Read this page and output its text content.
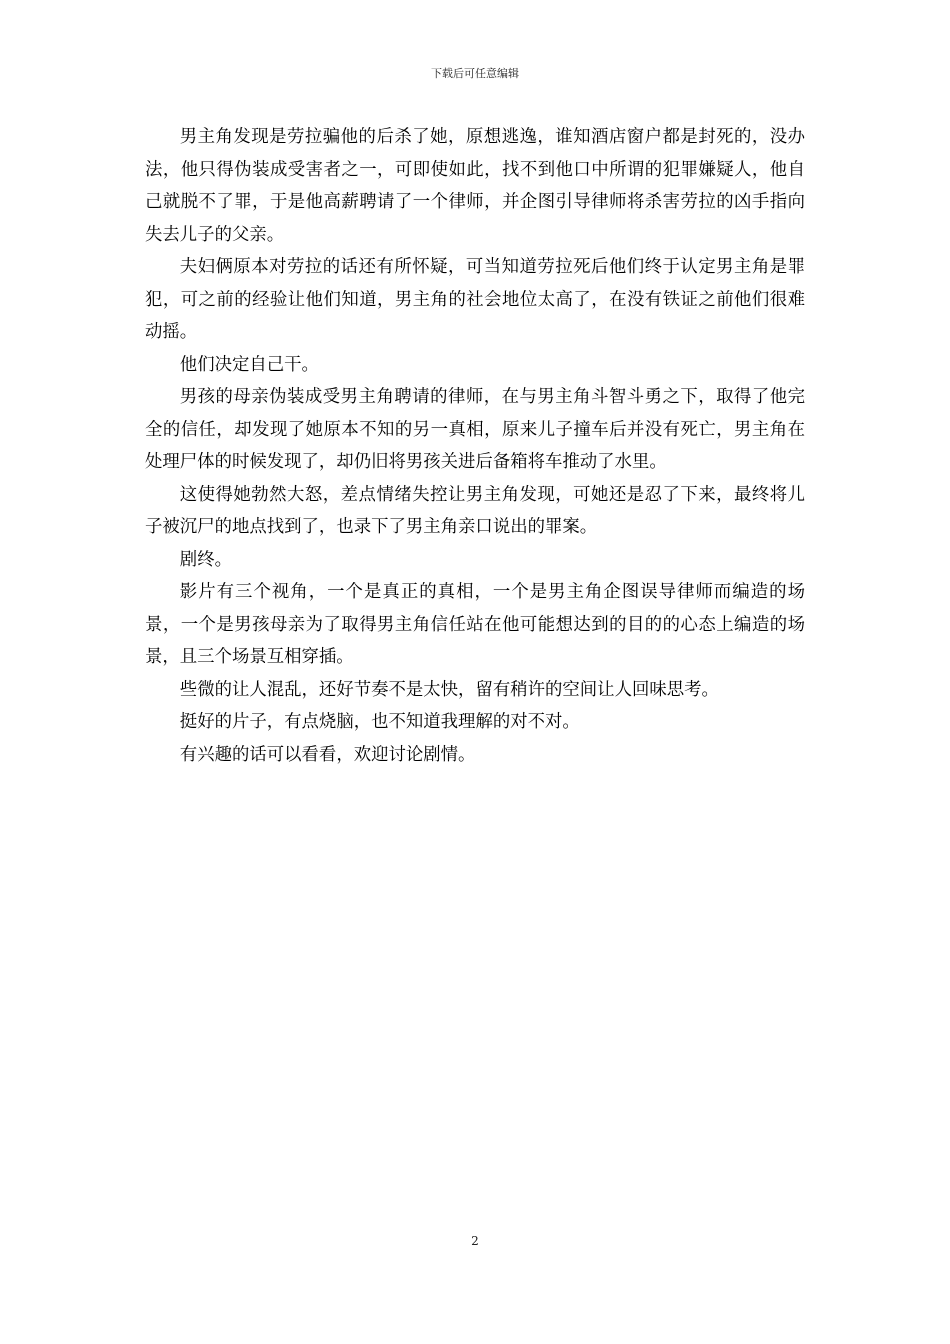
下载后可任意编辑

男主角发现是劳拉骗他的后杀了她，原想逃逸，谁知酒店窗户都是封死的，没办法，他只得伪装成受害者之一，可即使如此，找不到他口中所谓的犯罪嫌疑人，他自己就脱不了罪，于是他高薪聘请了一个律师，并企图引导律师将杀害劳拉的凶手指向失去儿子的父亲。

夫妇俩原本对劳拉的话还有所怀疑，可当知道劳拉死后他们终于认定男主角是罪犯，可之前的经验让他们知道，男主角的社会地位太高了，在没有铁证之前他们很难动摇。

他们决定自己干。

男孩的母亲伪装成受男主角聘请的律师，在与男主角斗智斗勇之下，取得了他完全的信任，却发现了她原本不知的另一真相，原来儿子撞车后并没有死亡，男主角在处理尸体的时候发现了，却仍旧将男孩关进后备箱将车推动了水里。

这使得她勃然大怒，差点情绪失控让男主角发现，可她还是忍了下来，最终将儿子被沉尸的地点找到了，也录下了男主角亲口说出的罪案。

剧终。

影片有三个视角，一个是真正的真相，一个是男主角企图误导律师而编造的场景，一个是男孩母亲为了取得男主角信任站在他可能想达到的目的的心态上编造的场景，且三个场景互相穿插。

些微的让人混乱，还好节奏不是太快，留有稍许的空间让人回味思考。

挺好的片子，有点烧脑，也不知道我理解的对不对。

有兴趣的话可以看看，欢迎讨论剧情。

2
